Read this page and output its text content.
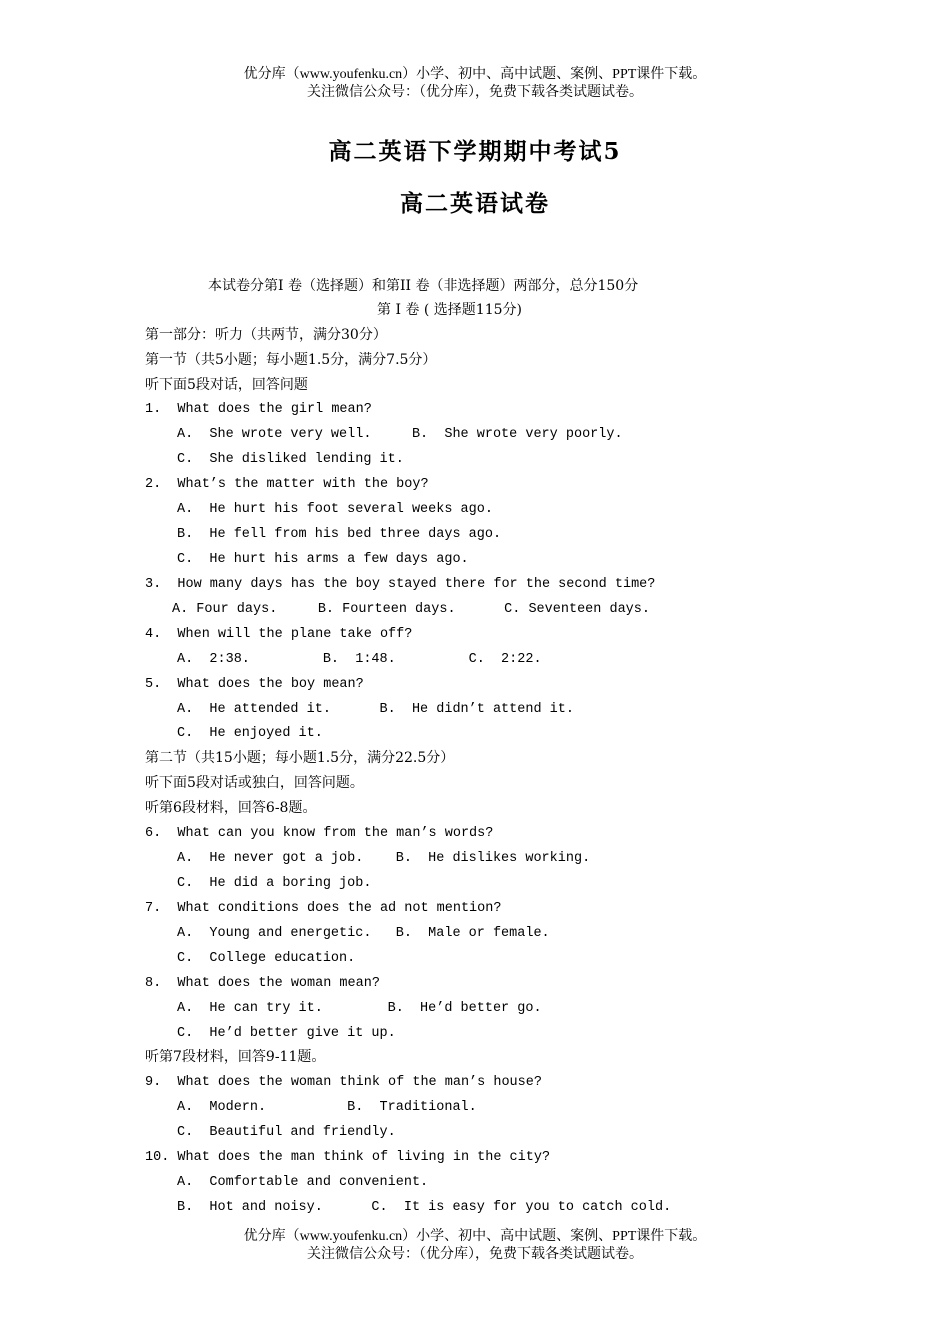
优分库（www.youfenku.cn）小学、初中、高中试题、案例、PPT课件下载。
关注微信公众号：（优分库），免费下载各类试题试卷。
高二英语下学期期中考试5
高二英语试卷
本试卷分第I 卷（选择题）和第II 卷（非选择题）两部分，总分150分
第 I 卷 ( 选择题115分)
第一部分：听力（共两节，满分30分）
第一节（共5小题；每小题1.5分，满分7.5分）
听下面5段对话，回答问题
1.  What does the girl mean?
A.  She wrote very well.     B.  She wrote very poorly.
C.  She disliked lending it.
2.  What’s the matter with the boy?
A.  He hurt his foot several weeks ago.
B.  He fell from his bed three days ago.
C.  He hurt his arms a few days ago.
3.  How many days has the boy stayed there for the second time?
A. Four days.     B. Fourteen days.      C. Seventeen days.
4.  When will the plane take off?
A.  2:38.         B.  1:48.         C.  2:22.
5.  What does the boy mean?
A.  He attended it.      B.  He didn’t attend it.
C.  He enjoyed it.
第二节（共15小题；每小题1.5分，满分22.5分）
听下面5段对话或独白，回答问题。
听第6段材料，回答6-8题。
6.  What can you know from the man’s words?
A.  He never got a job.    B.  He dislikes working.
C.  He did a boring job.
7.  What conditions does the ad not mention?
A.  Young and energetic.   B.  Male or female.
C.  College education.
8.  What does the woman mean?
A.  He can try it.        B.  He’d better go.
C.  He’d better give it up.
听第7段材料，回答9-11题。
9.  What does the woman think of the man’s house?
A.  Modern.          B.  Traditional.
C.  Beautiful and friendly.
10. What does the man think of living in the city?
A.  Comfortable and convenient.
B.  Hot and noisy.      C.  It is easy for you to catch cold.
优分库（www.youfenku.cn）小学、初中、高中试题、案例、PPT课件下载。
关注微信公众号：（优分库），免费下载各类试题试卷。
